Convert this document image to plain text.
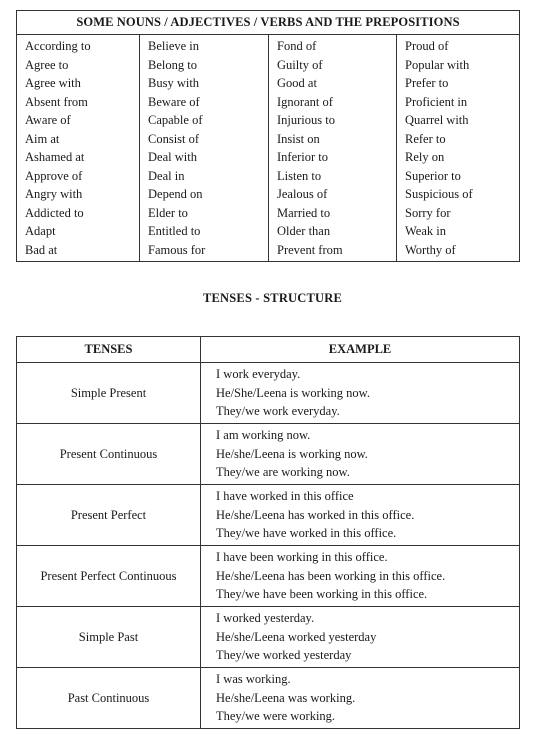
SOME NOUNS / ADJECTIVES / VERBS AND THE PREPOSITIONS
According to
Agree to
Agree with
Absent from
Aware of
Aim at
Ashamed at
Approve of
Angry with
Addicted to
Adapt
Bad at
Believe in
Belong to
Busy with
Beware of
Capable of
Consist of
Deal with
Deal in
Depend on
Elder to
Entitled to
Famous for
Fond of
Guilty of
Good at
Ignorant of
Injurious to
Insist on
Inferior to
Listen to
Jealous of
Married to
Older than
Prevent from
Proud of
Popular with
Prefer to
Proficient in
Quarrel with
Refer to
Rely on
Superior to
Suspicious of
Sorry for
Weak in
Worthy of
TENSES - STRUCTURE
TENSES	EXAMPLE
Simple Present
I work everyday.
He/She/Leena is working now.
They/we work everyday.
Present Continuous
I am working now.
He/she/Leena is working now.
They/we are working now.
Present Perfect
I have worked in this office
He/she/Leena has worked in this office.
They/we have worked in this office.
Present Perfect Continuous
I have been working in this office.
He/she/Leena has been working in this office.
They/we have been working in this office.
Simple Past
I worked yesterday.
He/she/Leena worked yesterday
They/we worked yesterday
Past Continuous
I was working.
He/she/Leena was working.
They/we were working.
